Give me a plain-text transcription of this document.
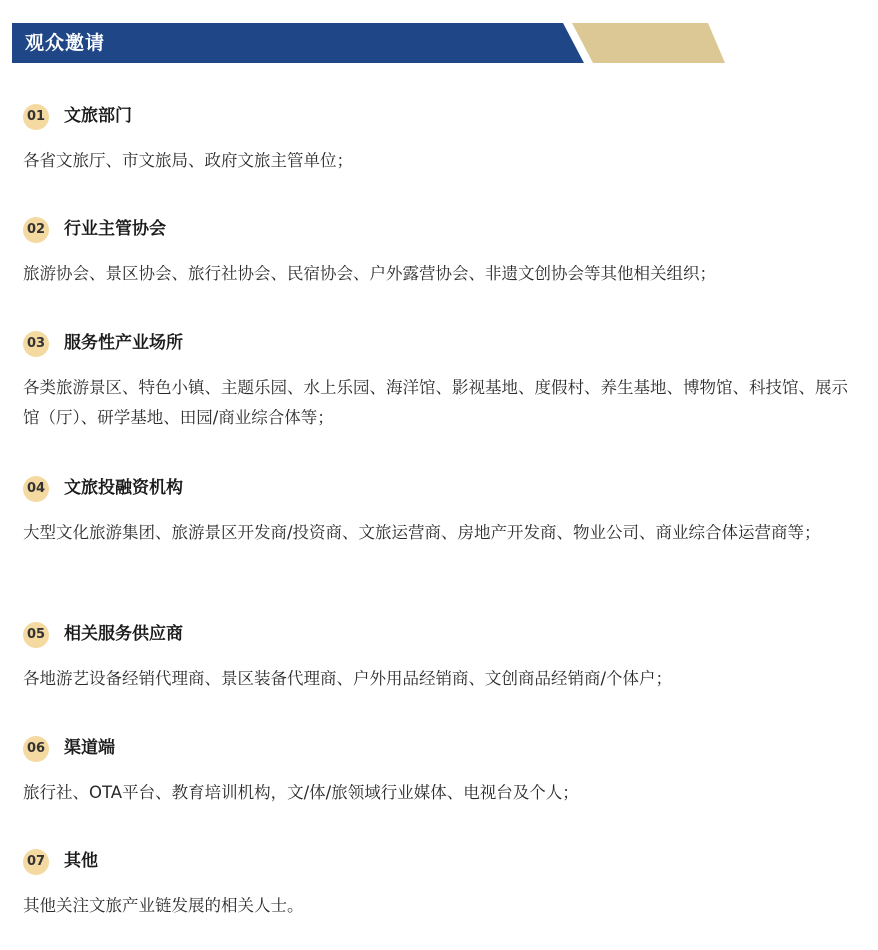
观众邀请
01 文旅部门
各省文旅厅、市文旅局、政府文旅主管单位；
02 行业主管协会
旅游协会、景区协会、旅行社协会、民宿协会、户外露营协会、非遗文创协会等其他相关组织；
03 服务性产业场所
各类旅游景区、特色小镇、主题乐园、水上乐园、海洋馆、影视基地、度假村、养生基地、博物馆、科技馆、展示馆（厅）、研学基地、田园/商业综合体等；
04 文旅投融资机构
大型文化旅游集团、旅游景区开发商/投资商、文旅运营商、房地产开发商、物业公司、商业综合体运营商等；
05 相关服务供应商
各地游艺设备经销代理商、景区装备代理商、户外用品经销商、文创商品经销商/个体户；
06 渠道端
旅行社、OTA平台、教育培训机构，文/体/旅领域行业媒体、电视台及个人；
07 其他
其他关注文旅产业链发展的相关人士。
